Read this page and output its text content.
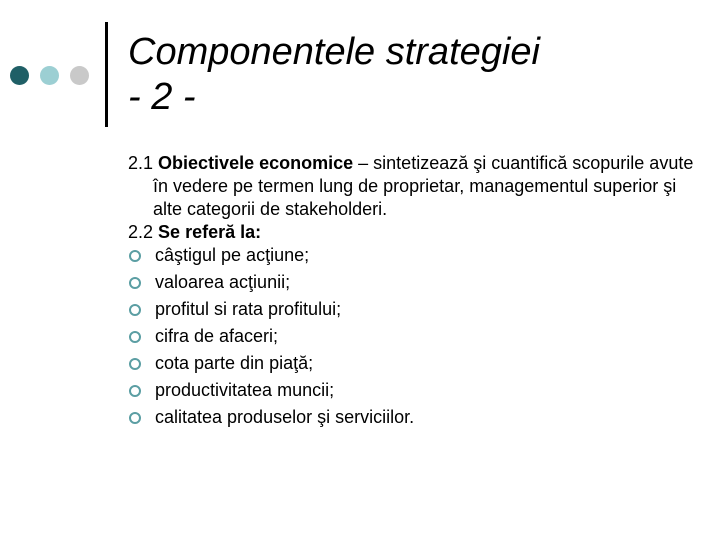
Componentele strategiei
- 2 -

2.1 Obiectivele economice – sintetizează şi cuantifică scopurile avute în vedere pe termen lung de proprietar, managementul superior şi alte categorii de stakeholderi.

2.2 Se referă la:

câştigul pe acţiune;
valoarea acţiunii;
profitul si rata profitului;
cifra de afaceri;
cota parte din piaţă;
productivitatea muncii;
calitatea produselor şi serviciilor.
